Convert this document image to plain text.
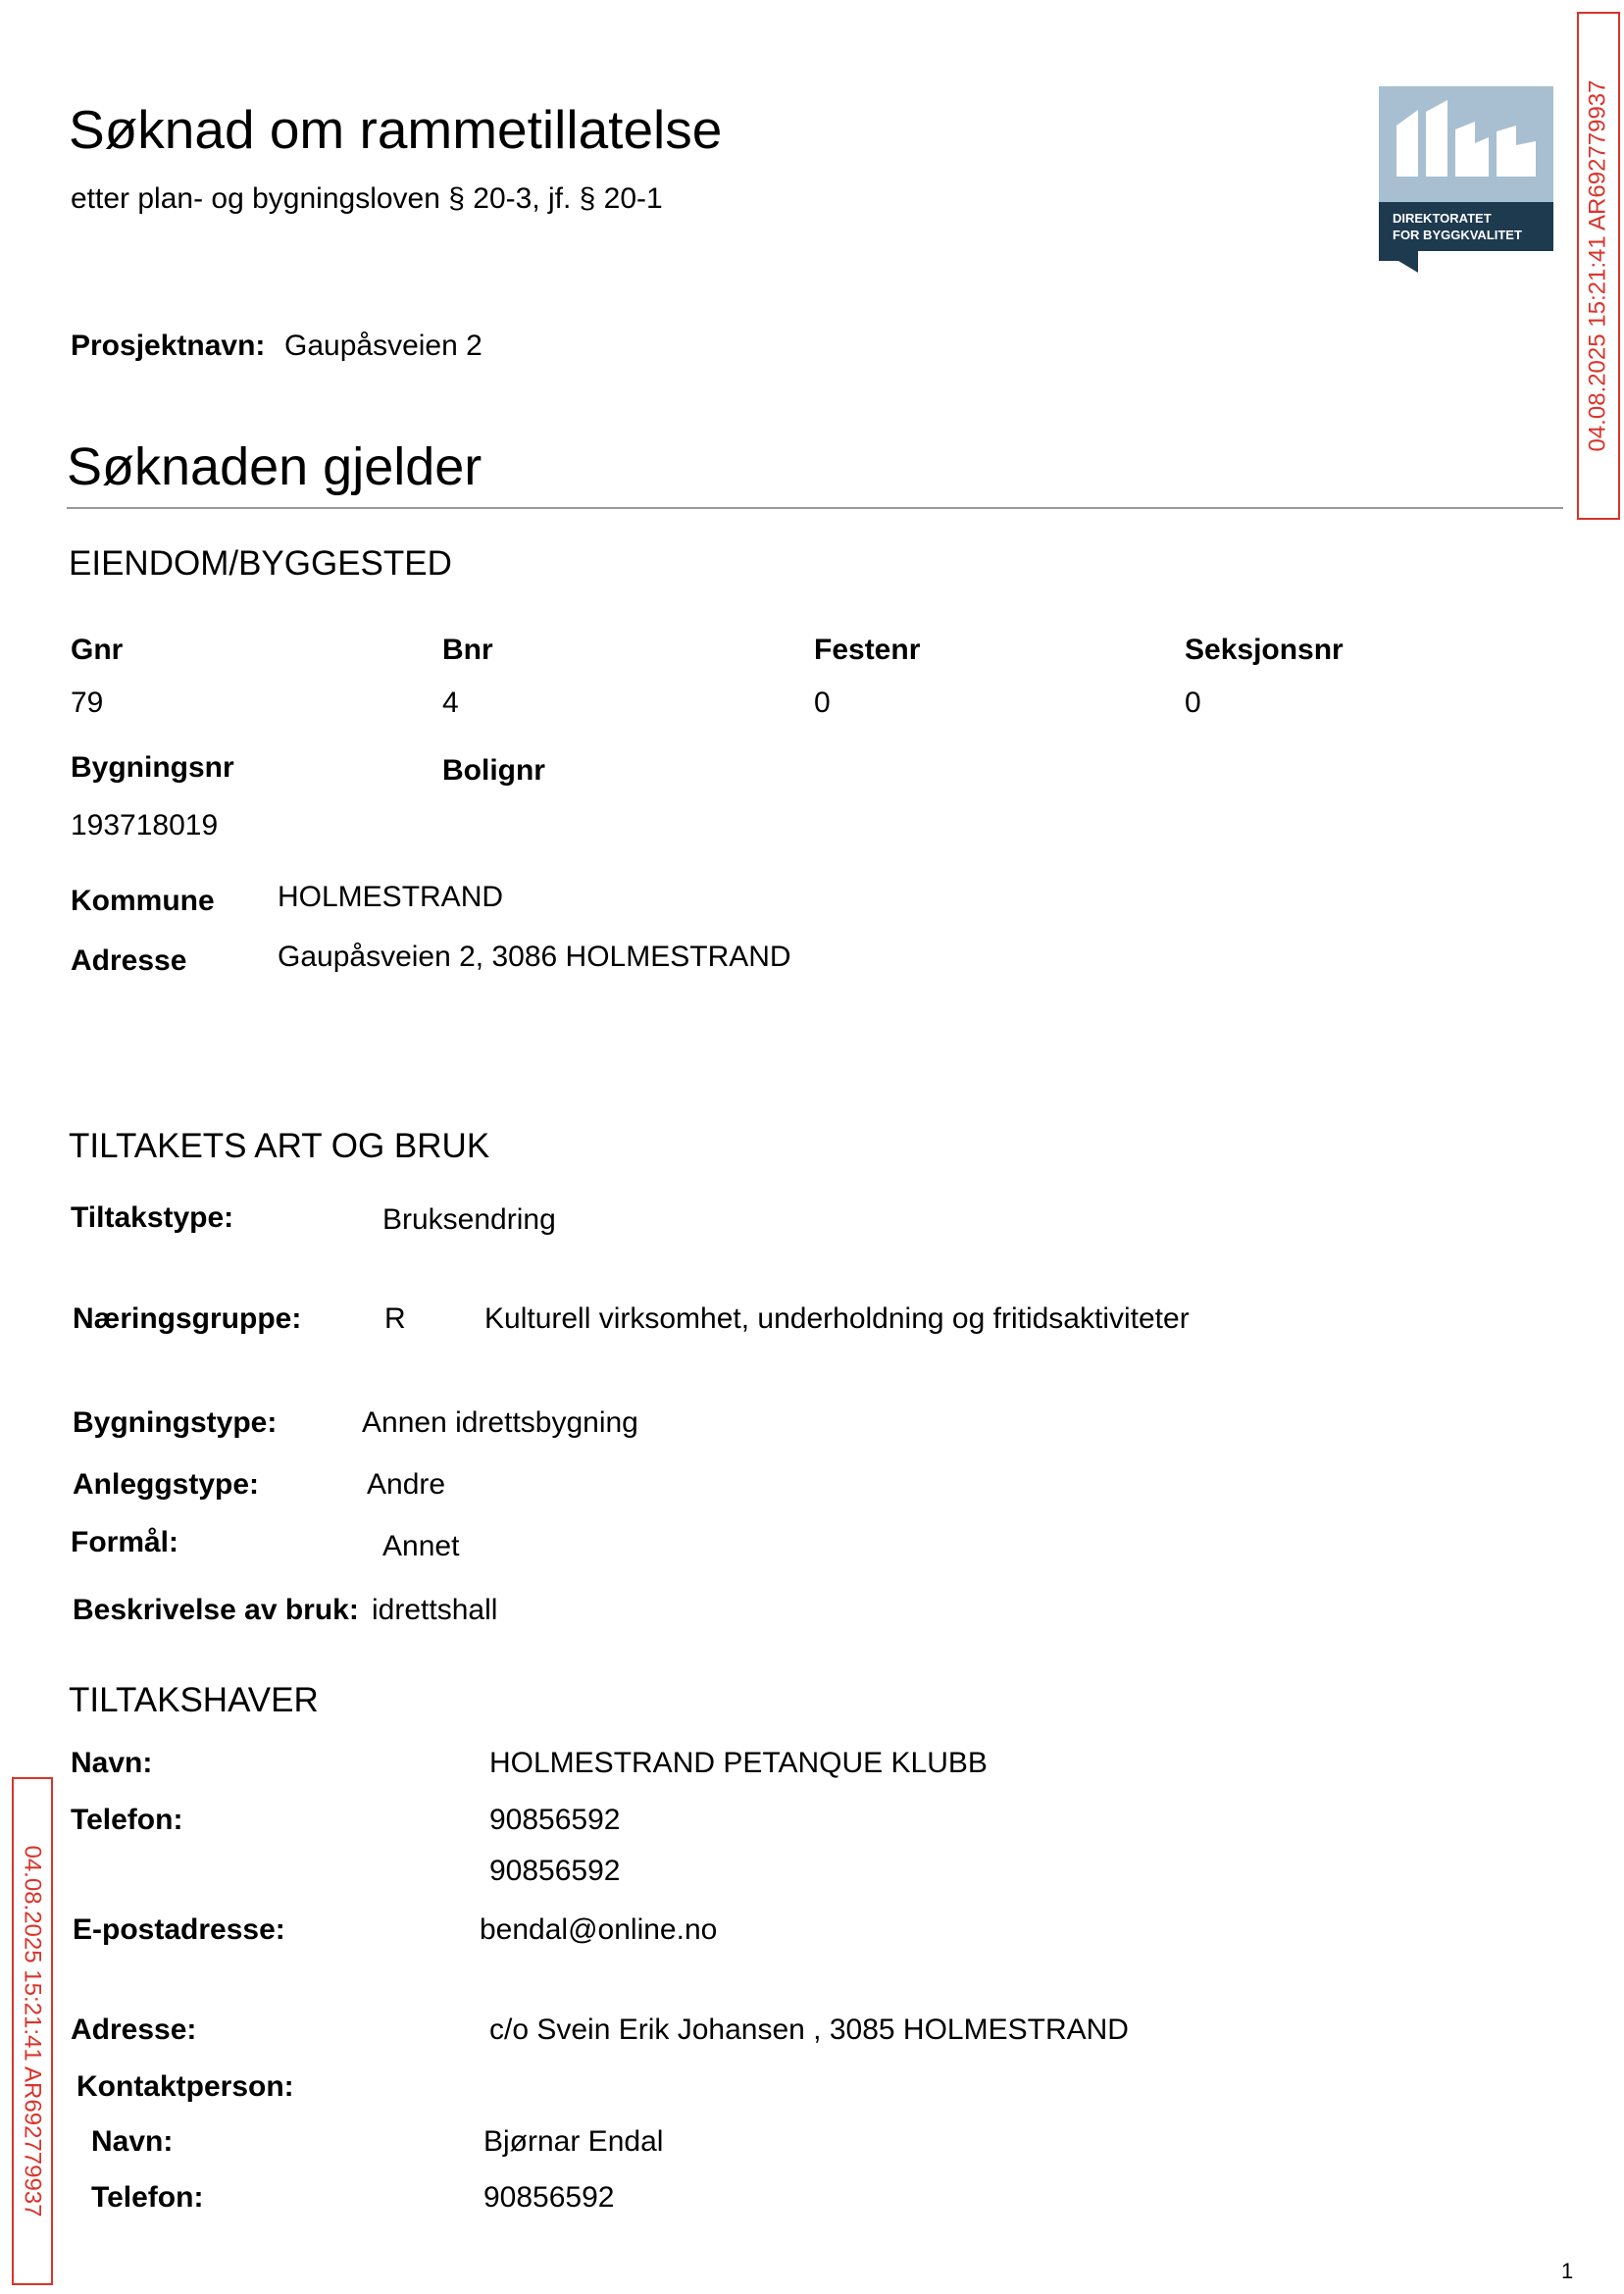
Søknad om rammetillatelse
etter plan- og bygningsloven § 20-3, jf. § 20-1
DIREKTORATET
FOR BYGGKVALITET	04.08.2025 15:21:41 AR692779937
Prosjektnavn: Gaupåsveien 2
Søknaden gjelder
EIENDOM/BYGGESTED
Gnr	Bnr	Festenr	Seksjonsnr
79	4	0	0
Bygningsnr	Bolignr
193718019
Kommune HOLMESTRAND
Adresse	Gaupåsveien 2, 3086 HOLMESTRAND
TILTAKETS ART OG BRUK
Tiltakstype:	Bruksendring
Næringsgruppe:	R	Kulturell virksomhet, underholdning og fritidsaktiviteter
Bygningstype:	Annen idrettsbygning
Anleggstype:	Andre
Formål:	Annet
Beskrivelse av bruk: idrettshall
TILTAKSHAVER
Navn:	HOLMESTRAND PETANQUE KLUBB
Telefon:	90856592
90856592
E-postadresse:	bendal@online.no
Adresse:	c/o Svein Erik Johansen , 3085 HOLMESTRAND
Kontaktperson:
Navn:	Bjørnar Endal
Telefon:	90856592
04.08.2025 15:21:41 AR692779937
1
